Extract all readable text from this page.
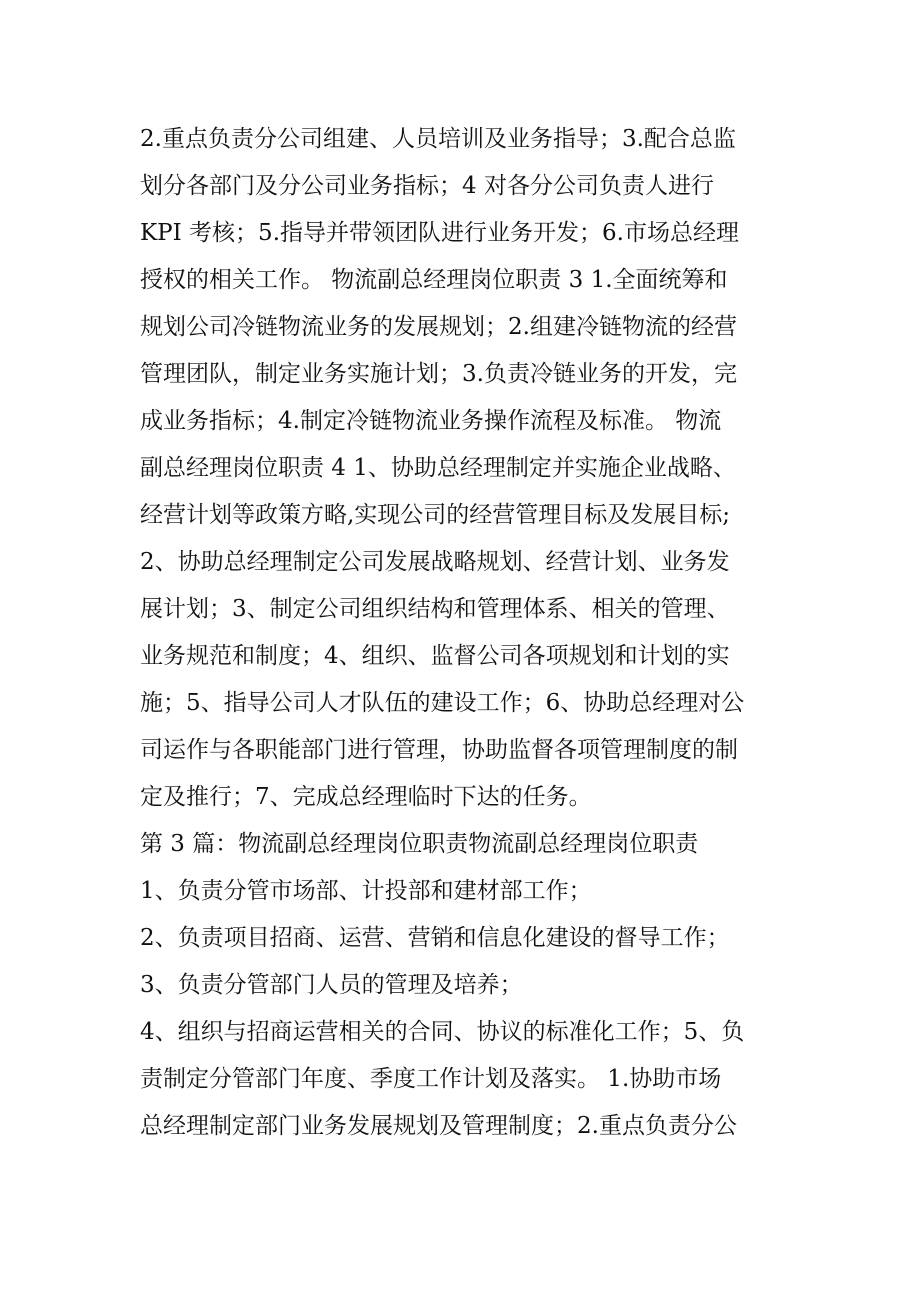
2.重点负责分公司组建、人员培训及业务指导；3.配合总监
划分各部门及分公司业务指标；4 对各分公司负责人进行
KPI 考核；5.指导并带领团队进行业务开发；6.市场总经理
授权的相关工作。 物流副总经理岗位职责 3 1.全面统筹和
规划公司冷链物流业务的发展规划；2.组建冷链物流的经营
管理团队，制定业务实施计划；3.负责冷链业务的开发，完
成业务指标；4.制定冷链物流业务操作流程及标准。 物流
副总经理岗位职责 4 1、协助总经理制定并实施企业战略、
经营计划等政策方略,实现公司的经营管理目标及发展目标;
2、协助总经理制定公司发展战略规划、经营计划、业务发
展计划；3、制定公司组织结构和管理体系、相关的管理、
业务规范和制度；4、组织、监督公司各项规划和计划的实
施；5、指导公司人才队伍的建设工作；6、协助总经理对公
司运作与各职能部门进行管理，协助监督各项管理制度的制
定及推行；7、完成总经理临时下达的任务。
第 3 篇：物流副总经理岗位职责物流副总经理岗位职责
1、负责分管市场部、计投部和建材部工作；
2、负责项目招商、运营、营销和信息化建设的督导工作；
3、负责分管部门人员的管理及培养；
4、组织与招商运营相关的合同、协议的标准化工作；5、负
责制定分管部门年度、季度工作计划及落实。 1.协助市场
总经理制定部门业务发展规划及管理制度；2.重点负责分公
